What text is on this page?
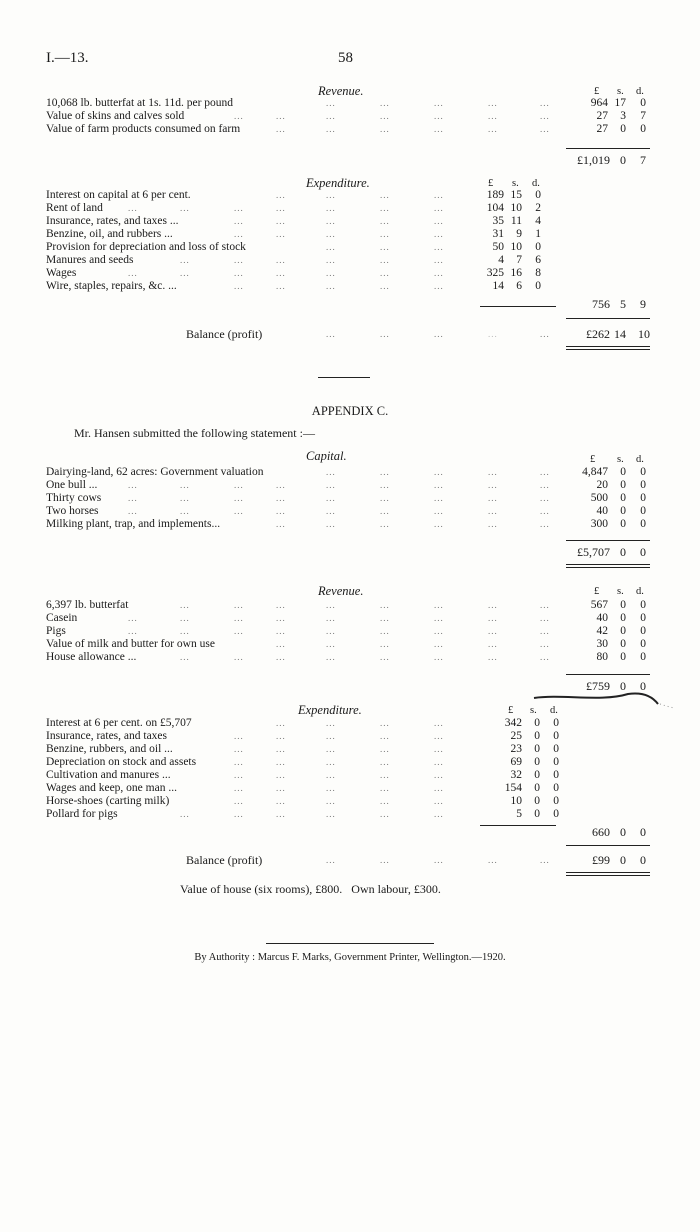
I.—13.	58
Revenue.	£ s. d.
10,068 lb. butterfat at 1s. 11d. per pound	...	...	...	...	...	964 17	0
Value of skins and calves sold	...	...	...	...	...	...	...	27	3	7
Value of farm products consumed on farm	...	...	...	...	...	...	27	0	0
£1,019 0	7
Expenditure.	£ s. d.
Interest on capital at 6 per cent.	...	...	...	...	189 15	0
Rent of land	...	...	...	...	...	...	...	104 10	2
Insurance, rates, and taxes ...	...	...	...	...	...	35 11	4
Benzine, oil, and rubbers ...	...	...	...	...	...	31	9	1
Provision for depreciation and loss of stock	...	...	...	50 10	0
Manures and seeds	...	...	...	...	...	...	4	7	6
Wages	...	...	...	...	...	...	...	325 16	8
Wire, staples, repairs, &c. ...	...	...	...	...	...	14	6	0
756 5	9
Balance (profit)	...	...	...	...	...	£262 14	10
APPENDIX C.
Mr. Hansen submitted the following statement :—
Capital.	£ s. d.
Dairying-land, 62 acres: Government valuation	...	...	...	...	...	4,847	0	0
One bull ...	...	...	...	...	...	...	...	...	...	20	0	0
Thirty cows	...	...	...	...	...	...	...	...	...	500	0	0
Two horses	...	...	...	...	...	...	...	...	...	40	0	0
Milking plant, trap, and implements...	...	...	...	...	...	...	300	0	0
£5,707 0	0
Revenue.	£ s. d.
6,397 lb. butterfat	...	...	...	...	...	...	...	...	567	0	0
Casein	...	...	...	...	...	...	...	...	...	40	0	0
Pigs	...	...	...	...	...	...	...	...	...	42	0	0
Value of milk and butter for own use	...	...	...	...	...	...	30	0	0
House allowance ...	...	...	...	...	...	...	...	...	80	0	0
£759 0	0
Expenditure.	£ s. d.
Interest at 6 per cent. on £5,707	...	...	...	...	342	0	0
Insurance, rates, and taxes	...	...	...	...	...	25	0	0
Benzine, rubbers, and oil ...	...	...	...	...	...	23	0	0
Depreciation on stock and assets	...	...	...	...	...	69	0	0
Cultivation and manures ...	...	...	...	...	...	32	0	0
Wages and keep, one man ...	...	...	...	...	...	154	0	0
Horse-shoes (carting milk)	...	...	...	...	...	10	0	0
Pollard for pigs	...	...	...	...	...	...	5	0	0
660 0	0
Balance (profit)	...	...	...	...	...	£99 0	0
Value of house (six rooms), £800.   Own labour, £300.
By Authority : Marcus F. Marks, Government Printer, Wellington.—1920.
